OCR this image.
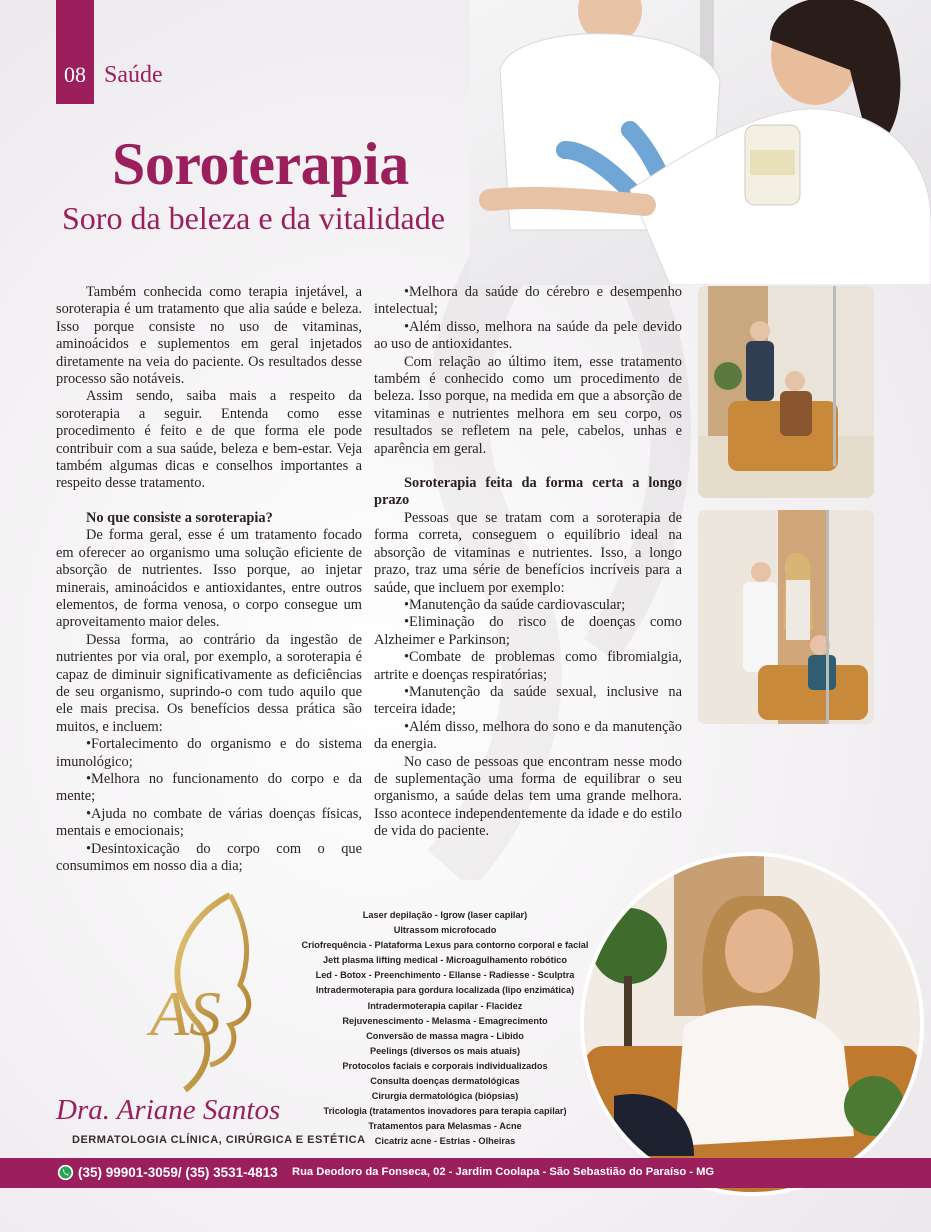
08 Saúde
Soroterapia
Soro da beleza e da vitalidade

Também conhecida como terapia injetável, a soroterapia é um tratamento que alia saúde e beleza. Isso porque consiste no uso de vitaminas, aminoácidos e suplementos em geral injetados diretamente na veia do paciente. Os resultados desse processo são notáveis.

Assim sendo, saiba mais a respeito da soroterapia a seguir. Entenda como esse procedimento é feito e de que forma ele pode contribuir com a sua saúde, beleza e bem-estar. Veja também algumas dicas e conselhos importantes a respeito desse tratamento.

No que consiste a soroterapia?

De forma geral, esse é um tratamento focado em oferecer ao organismo uma solução eficiente de absorção de nutrientes. Isso porque, ao injetar minerais, aminoácidos e antioxidantes, entre outros elementos, de forma venosa, o corpo consegue um aproveitamento maior deles.

Dessa forma, ao contrário da ingestão de nutrientes por via oral, por exemplo, a soroterapia é capaz de diminuir significativamente as deficiências de seu organismo, suprindo-o com tudo aquilo que ele mais precisa. Os benefícios dessa prática são muitos, e incluem:

•Fortalecimento do organismo e do sistema imunológico;

•Melhora no funcionamento do corpo e da mente;

•Ajuda no combate de várias doenças físicas, mentais e emocionais;

•Desintoxicação do corpo com o que consumimos em nosso dia a dia;

•Melhora da saúde do cérebro e desempenho intelectual;

•Além disso, melhora na saúde da pele devido ao uso de antioxidantes.

Com relação ao último item, esse tratamento também é conhecido como um procedimento de beleza. Isso porque, na medida em que a absorção de vitaminas e nutrientes melhora em seu corpo, os resultados se refletem na pele, cabelos, unhas e aparência em geral.

Soroterapia feita da forma certa a longo prazo

Pessoas que se tratam com a soroterapia de forma correta, conseguem o equilíbrio ideal na absorção de vitaminas e nutrientes. Isso, a longo prazo, traz uma série de benefícios incríveis para a saúde, que incluem por exemplo:

•Manutenção da saúde cardiovascular;

•Eliminação do risco de doenças como Alzheimer e Parkinson;

•Combate de problemas como fibromialgia, artrite e doenças respiratórias;

•Manutenção da saúde sexual, inclusive na terceira idade;

•Além disso, melhora do sono e da manutenção da energia.

No caso de pessoas que encontram nesse modo de suplementação uma forma de equilibrar o seu organismo, a saúde delas tem uma grande melhora. Isso acontece independentemente da idade e do estilo de vida do paciente.

AS
Dra. Ariane Santos
DERMATOLOGIA CLÍNICA, CIRÚRGICA E ESTÉTICA
Laser depilação - Igrow (laser capilar)
Ultrassom microfocado
Criofrequência - Plataforma Lexus para contorno corporal e facial
Jett plasma lifting medical - Microagulhamento robótico
Led - Botox - Preenchimento - Ellanse - Radiesse - Sculptra
Intradermoterapia para gordura localizada (lipo enzimática)
Intradermoterapia capilar - Flacidez
Rejuvenescimento - Melasma - Emagrecimento
Conversão de massa magra - Libido
Peelings (diversos os mais atuais)
Protocolos faciais e corporais individualizados
Consulta doenças dermatológicas
Cirurgia dermatológica (biópsias)
Tricologia (tratamentos inovadores para terapia capilar)
Tratamentos para Melasmas - Acne
Cicatriz acne - Estrias - Olheiras
(35) 99901-3059/ (35) 3531-4813 Rua Deodoro da Fonseca, 02 - Jardim Coolapa - São Sebastião do Paraíso - MG
